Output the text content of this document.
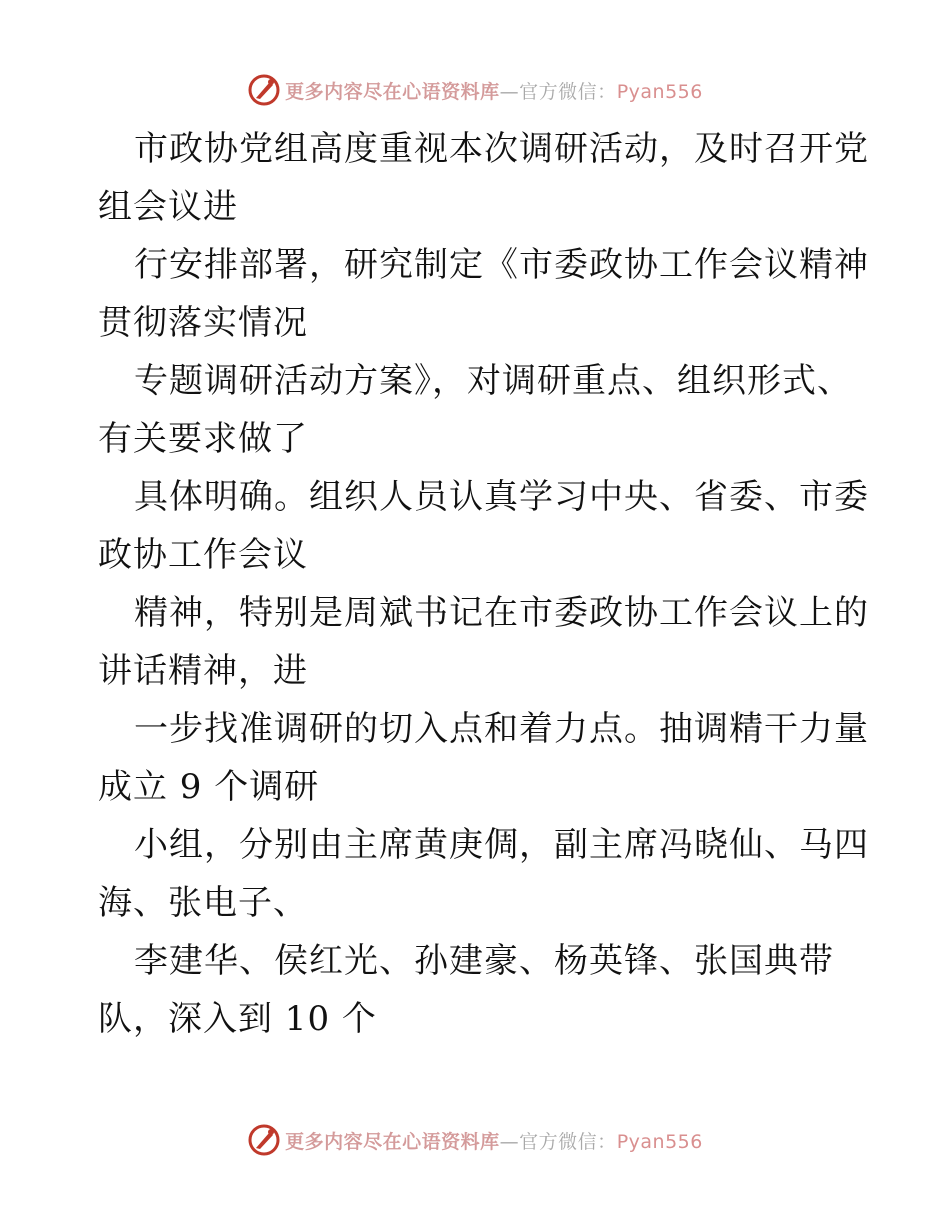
更多内容尽在心语资料库—官方微信：Pyan556
市政协党组高度重视本次调研活动，及时召开党
组会议进
行安排部署，研究制定《市委政协工作会议精神
贯彻落实情况
专题调研活动方案》，对调研重点、组织形式、
有关要求做了
具体明确。组织人员认真学习中央、省委、市委
政协工作会议
精神，特别是周斌书记在市委政协工作会议上的
讲话精神，进
一步找准调研的切入点和着力点。抽调精干力量
成立 9 个调研
小组，分别由主席黄庚倜，副主席冯晓仙、马四
海、张电子、
李建华、侯红光、孙建豪、杨英锋、张国典带
队，深入到 10 个
更多内容尽在心语资料库—官方微信：Pyan556
